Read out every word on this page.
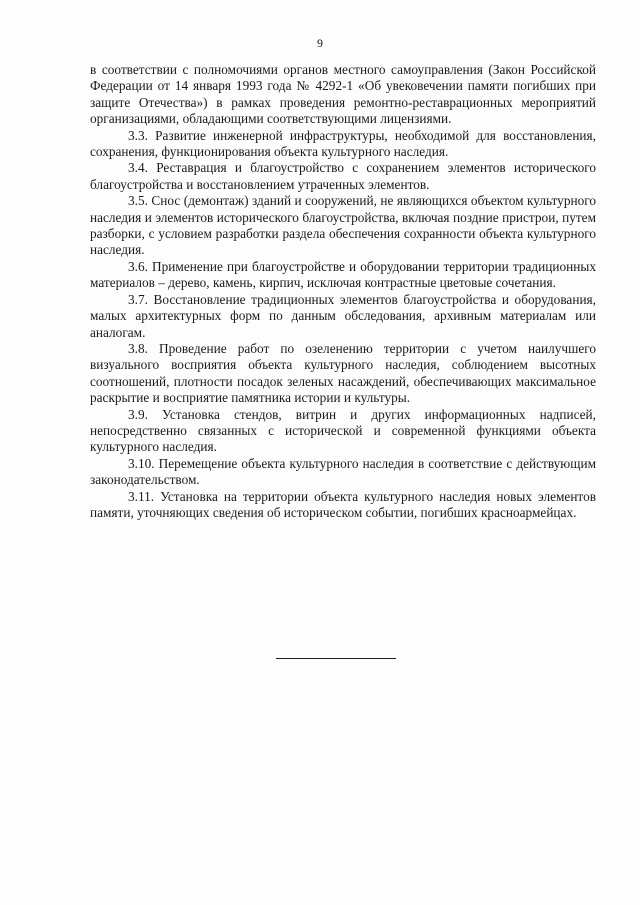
9

в соответствии с полномочиями органов местного самоуправления (Закон Российской Федерации от 14 января 1993 года № 4292-1 «Об увековечении памяти погибших при защите Отечества») в рамках проведения ремонтно-реставрационных мероприятий организациями, обладающими соответствующими лицензиями.

3.3. Развитие инженерной инфраструктуры, необходимой для восстановления, сохранения, функционирования объекта культурного наследия.

3.4. Реставрация и благоустройство с сохранением элементов исторического благоустройства и восстановлением утраченных элементов.

3.5. Снос (демонтаж) зданий и сооружений, не являющихся объектом культурного наследия и элементов исторического благоустройства, включая поздние пристрои, путем разборки, с условием разработки раздела обеспечения сохранности объекта культурного наследия.

3.6. Применение при благоустройстве и оборудовании территории традиционных материалов – дерево, камень, кирпич, исключая контрастные цветовые сочетания.

3.7. Восстановление традиционных элементов благоустройства и оборудования, малых архитектурных форм по данным обследования, архивным материалам или аналогам.

3.8. Проведение работ по озеленению территории с учетом наилучшего визуального восприятия объекта культурного наследия, соблюдением высотных соотношений, плотности посадок зеленых насаждений, обеспечивающих максимальное раскрытие и восприятие памятника истории и культуры.

3.9. Установка стендов, витрин и других информационных надписей, непосредственно связанных с исторической и современной функциями объекта культурного наследия.

3.10. Перемещение объекта культурного наследия в соответствие с действующим законодательством.

3.11. Установка на территории объекта культурного наследия новых элементов памяти, уточняющих сведения об историческом событии, погибших красноармейцах.
